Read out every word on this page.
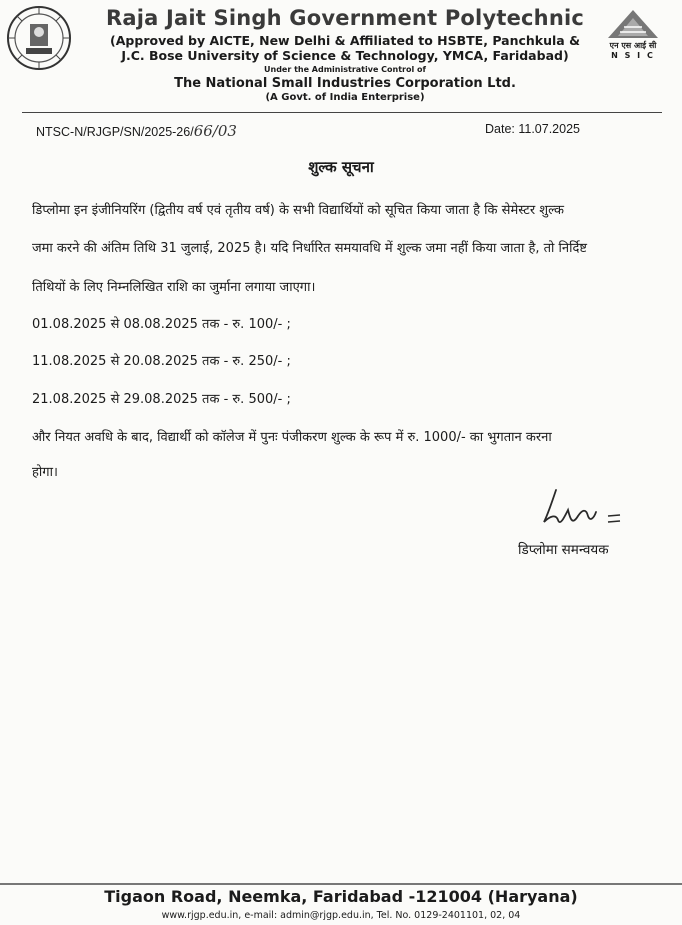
Raja Jait Singh Government Polytechnic
(Approved by AICTE, New Delhi & Affiliated to HSBTE, Panchkula &
J.C. Bose University of Science & Technology, YMCA, Faridabad)
Under the Administrative Control of
The National Small Industries Corporation Ltd.
(A Govt. of India Enterprise)
एन एस आई सी
N S I C
NTSC-N/RJGP/SN/2025-26/66/03	Date: 11.07.2025
शुल्क सूचना
डिप्लोमा इन इंजीनियरिंग (द्वितीय वर्ष एवं तृतीय वर्ष) के सभी विद्यार्थियों को सूचित किया जाता है कि सेमेस्टर शुल्क
जमा करने की अंतिम तिथि 31 जुलाई, 2025 है। यदि निर्धारित समयावधि में शुल्क जमा नहीं किया जाता है, तो निर्दिष्ट
तिथियों के लिए निम्नलिखित राशि का जुर्माना लगाया जाएगा।
01.08.2025 से 08.08.2025 तक - रु. 100/- ;
11.08.2025 से 20.08.2025 तक - रु. 250/- ;
21.08.2025 से 29.08.2025 तक - रु. 500/- ;
और नियत अवधि के बाद, विद्यार्थी को कॉलेज में पुनः पंजीकरण शुल्क के रूप में रु. 1000/- का भुगतान करना
होगा।
डिप्लोमा समन्वयक
Tigaon Road, Neemka, Faridabad -121004 (Haryana)
www.rjgp.edu.in, e-mail: admin@rjgp.edu.in, Tel. No. 0129-2401101, 02, 04
